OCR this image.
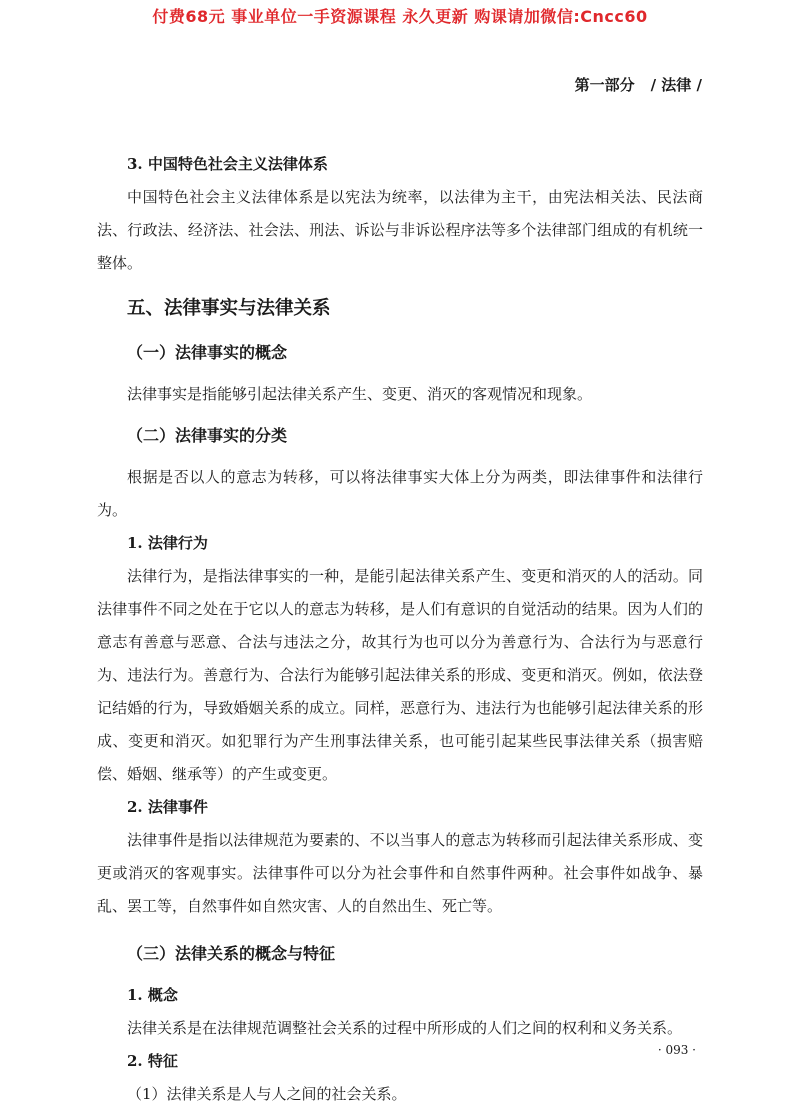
付费68元 事业单位一手资源课程 永久更新 购课请加微信:Cncc60
第一部分 / 法律 /

3. 中国特色社会主义法律体系

中国特色社会主义法律体系是以宪法为统率，以法律为主干，由宪法相关法、民法商法、行政法、经济法、社会法、刑法、诉讼与非诉讼程序法等多个法律部门组成的有机统一整体。

五、法律事实与法律关系

（一）法律事实的概念

法律事实是指能够引起法律关系产生、变更、消灭的客观情况和现象。

（二）法律事实的分类

根据是否以人的意志为转移，可以将法律事实大体上分为两类，即法律事件和法律行为。

1. 法律行为

法律行为，是指法律事实的一种，是能引起法律关系产生、变更和消灭的人的活动。同法律事件不同之处在于它以人的意志为转移，是人们有意识的自觉活动的结果。因为人们的意志有善意与恶意、合法与违法之分，故其行为也可以分为善意行为、合法行为与恶意行为、违法行为。善意行为、合法行为能够引起法律关系的形成、变更和消灭。例如，依法登记结婚的行为，导致婚姻关系的成立。同样，恶意行为、违法行为也能够引起法律关系的形成、变更和消灭。如犯罪行为产生刑事法律关系，也可能引起某些民事法律关系（损害赔偿、婚姻、继承等）的产生或变更。

2. 法律事件

法律事件是指以法律规范为要素的、不以当事人的意志为转移而引起法律关系形成、变更或消灭的客观事实。法律事件可以分为社会事件和自然事件两种。社会事件如战争、暴乱、罢工等，自然事件如自然灾害、人的自然出生、死亡等。

（三）法律关系的概念与特征

1. 概念

法律关系是在法律规范调整社会关系的过程中所形成的人们之间的权利和义务关系。

2. 特征

（1）法律关系是人与人之间的社会关系。

· 093 ·
